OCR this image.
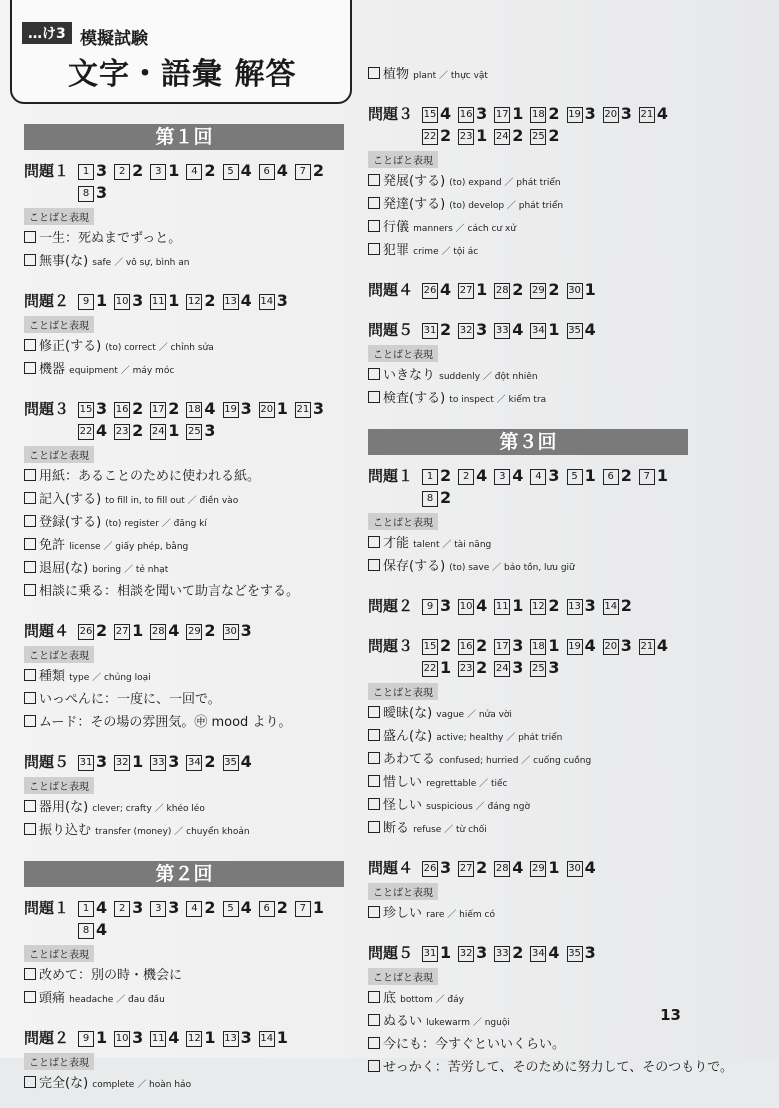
…け3 模擬試験
文字・語彙 解答
第１回
問題１	1 3	2 2	3 1	4 2	5 4	6 4	7 2
8 3
ことばと表現
一生：死ぬまでずっと。
無事(な) safe ／ vô sự, bình an
問題２	9 1 10 3 11 1 12 2 13 4 14 3
ことばと表現
修正(する) (to) correct ／ chỉnh sửa
機器 equipment ／ máy móc
問題３	15 3 16 2 17 2 18 4 19 3 20 1 21 3
22 4 23 2 24 1 25 3
ことばと表現
用紙：あることのために使われる紙。
記入(する) to fill in, to fill out ／ điền vào
登録(する) (to) register ／ đăng kí
免許 license ／ giấy phép, bằng
退屈(な) boring ／ tẻ nhạt
相談に乗る：相談を聞いて助言などをする。
問題４	26 2 27 1 28 4 29 2 30 3
ことばと表現
種類 type ／ chủng loại
いっぺんに：一度に、一回で。
ムード：その場の雰囲気。㊥ mood より。
問題５	31 3 32 1 33 3 34 2 35 4
ことばと表現
器用(な) clever; crafty ／ khéo léo
振り込む transfer (money) ／ chuyển khoản
第２回
問題１	1 4	2 3	3 3	4 2	5 4	6 2	7 1
8 4
ことばと表現
改めて：別の時・機会に
頭痛 headache ／ đau đầu
問題２	9 1 10 3 11 4 12 1 13 3 14 1
ことばと表現
完全(な) complete ／ hoàn hảo
植物 plant ／ thực vật
問題３	15 4 16 3 17 1 18 2 19 3 20 3 21 4
22 2 23 1 24 2 25 2
ことばと表現
発展(する) (to) expand ／ phát triển
発達(する) (to) develop ／ phát triển
行儀 manners ／ cách cư xử
犯罪 crime ／ tội ác
問題４	26 4 27 1 28 2 29 2 30 1
問題５	31 2 32 3 33 4 34 1 35 4
ことばと表現
いきなり suddenly ／ đột nhiên
検査(する) to inspect ／ kiểm tra
第３回
問題１	1 2	2 4	3 4	4 3	5 1	6 2	7 1
8 2
ことばと表現
才能 talent ／ tài năng
保存(する) (to) save ／ bảo tồn, lưu giữ
問題２	9 3 10 4 11 1 12 2 13 3 14 2
問題３	15 2 16 2 17 3 18 1 19 4 20 3 21 4
22 1 23 2 24 3 25 3
ことばと表現
曖昧(な) vague ／ nửa vời
盛ん(な) active; healthy ／ phát triển
あわてる confused; hurried ／ cuống cuồng
惜しい regrettable ／ tiếc
怪しい suspicious ／ đáng ngờ
断る refuse ／ từ chối
問題４	26 3 27 2 28 4 29 1 30 4
ことばと表現
珍しい rare ／ hiếm có
問題５	31 1 32 3 33 2 34 4 35 3
ことばと表現
底 bottom ／ đáy
ぬるい lukewarm ／ nguội
今にも：今すぐといいくらい。
せっかく：苦労して、そのために努力して、そのつもりで。
13
